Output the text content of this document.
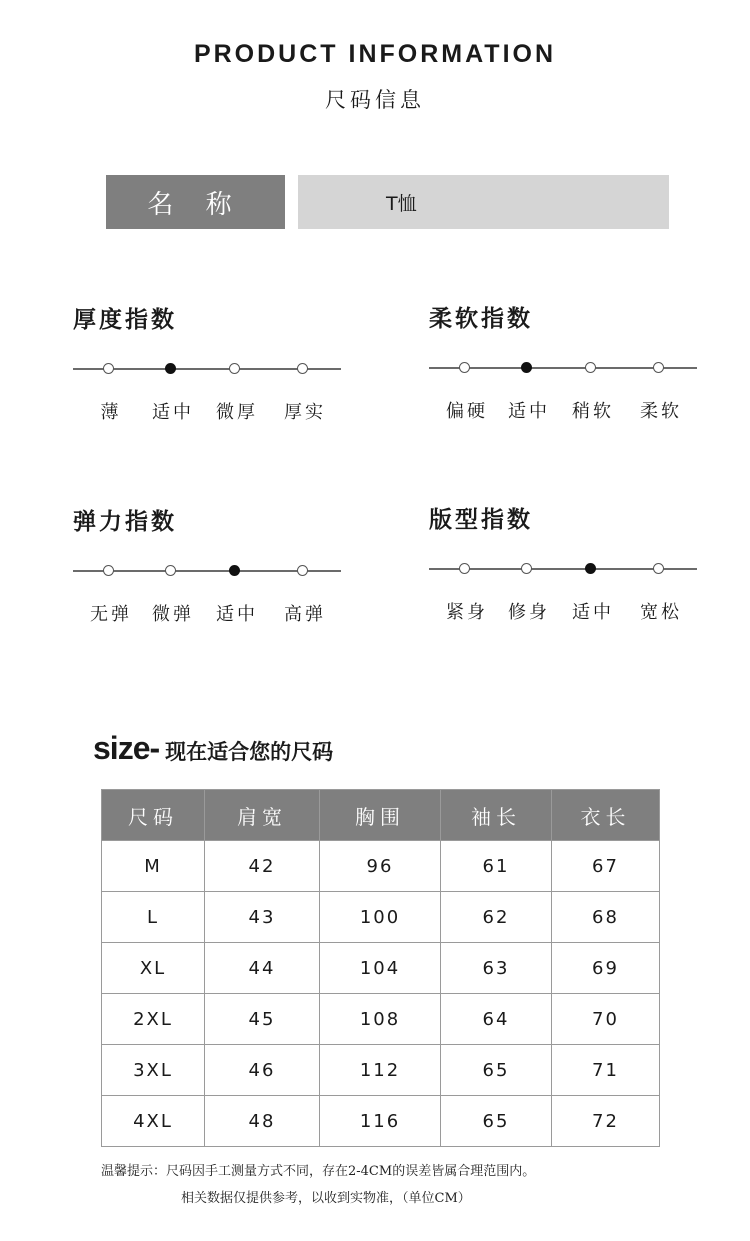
PRODUCT INFORMATION
尺码信息
名 称	T恤
厚度指数
薄 适中 微厚 厚实
柔软指数
偏硬 适中 稍软 柔软
弹力指数
无弹 微弹 适中 高弹
版型指数
紧身 修身 适中 宽松
size- 现在适合您的尺码
尺码	肩宽	胸围	袖长	衣长
M	42	96	61	67
L	43	100	62	68
XL	44	104	63	69
2XL	45	108	64	70
3XL	46	112	65	71
4XL	48	116	65	72
温馨提示：尺码因手工测量方式不同，存在2-4CM的误差皆属合理范围内。
相关数据仅提供参考，以收到实物准，（单位CM）
